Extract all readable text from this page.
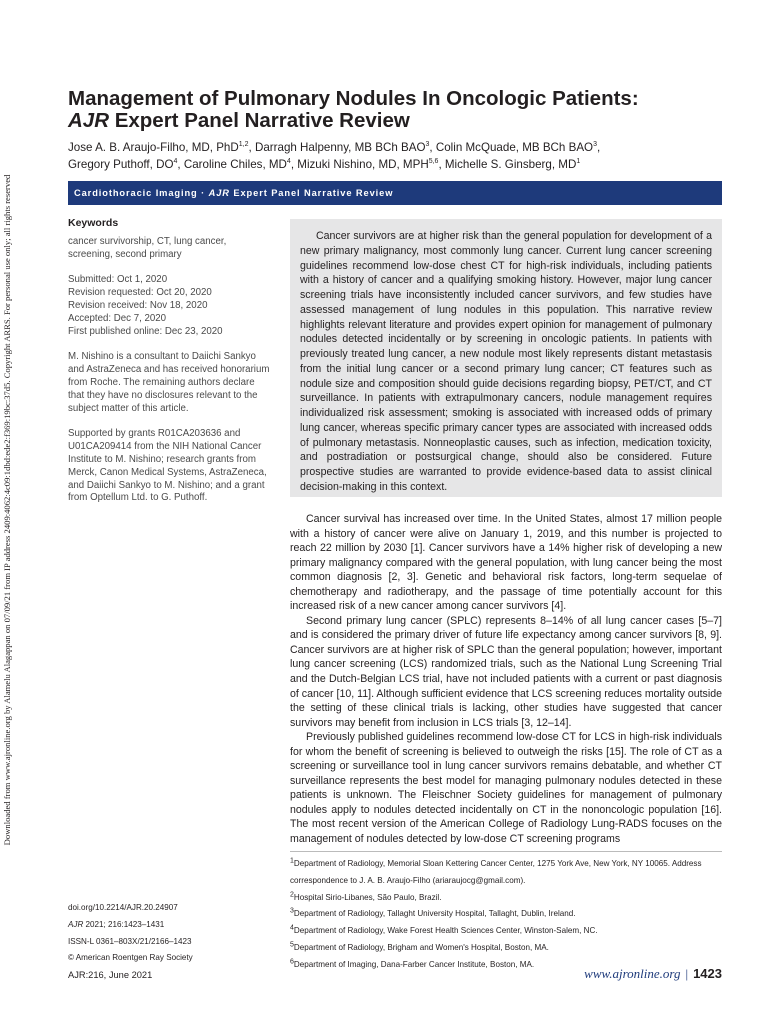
Downloaded from www.ajronline.org by Alamelu Alagappan on 07/09/21 from IP address 2409:4062:4c09:1dbd:ede2:f369:19bc:37d5. Copyright ARRS. For personal use only; all rights reserved
Management of Pulmonary Nodules In Oncologic Patients:
AJR Expert Panel Narrative Review
Jose A. B. Araujo-Filho, MD, PhD$^{1,2}$, Darragh Halpenny, MB BCh BAO$^3$, Colin McQuade, MB BCh BAO$^3$,
Gregory Puthoff, $DO^4$, Caroline Chiles, $MD^4$, Mizuki Nishino, MD, MPH$^{5,6}$, Michelle S. Ginsberg, $MD^1$
Cardiothoracic Imaging · AJR Expert Panel Narrative Review
Keywords

cancer survivorship, CT, lung cancer, screening, second primary

Submitted: Oct 1, 2020

Revision requested: Oct 20, 2020

Revision received: Nov 18, 2020

Accepted: Dec 7, 2020

First published online: Dec 23, 2020

M. Nishino is a consultant to Daiichi Sankyo and AstraZeneca and has received honorarium from Roche. The remaining authors declare that they have no disclosures relevant to the subject matter of this article.

Supported by grants R01CA203636 and U01CA209414 from the NIH National Cancer Institute to M. Nishino; research grants from Merck, Canon Medical Systems, AstraZeneca, and Daiichi Sankyo to M. Nishino; and a grant from Optellum Ltd. to G. Puthoff.

Cancer survivors are at higher risk than the general population for development of a new primary malignancy, most commonly lung cancer. Current lung cancer screening guidelines recommend low-dose chest CT for high-risk individuals, including patients with a history of cancer and a qualifying smoking history. However, major lung cancer screening trials have inconsistently included cancer survivors, and few studies have assessed management of lung nodules in this population. This narrative review highlights relevant literature and provides expert opinion for management of pulmonary nodules detected incidentally or by screening in oncologic patients. In patients with previously treated lung cancer, a new nodule most likely represents distant metastasis from the initial lung cancer or a second primary lung cancer; CT features such as nodule size and composition should guide decisions regarding biopsy, PET/CT, and CT surveillance. In patients with extrapulmonary cancers, nodule management requires individualized risk assessment; smoking is associated with increased odds of primary lung cancer, whereas specific primary cancer types are associated with increased odds of pulmonary metastasis. Nonneoplastic causes, such as infection, medication toxicity, and postradiation or postsurgical change, should also be considered. Future prospective studies are warranted to provide evidence-based data to assist clinical decision-making in this context.

Cancer survival has increased over time. In the United States, almost 17 million people with a history of cancer were alive on January 1, 2019, and this number is projected to reach 22 million by 2030 [1]. Cancer survivors have a 14% higher risk of developing a new primary malignancy compared with the general population, with lung cancer being the most common diagnosis [2, 3]. Genetic and behavioral risk factors, long-term sequelae of chemotherapy and radiotherapy, and the passage of time potentially account for this increased risk of a new cancer among cancer survivors [4].

Second primary lung cancer (SPLC) represents 8–14% of all lung cancer cases [5–7] and is considered the primary driver of future life expectancy among cancer survivors [8, 9]. Cancer survivors are at higher risk of SPLC than the general population; however, important lung cancer screening (LCS) randomized trials, such as the National Lung Screening Trial and the Dutch-Belgian LCS trial, have not included patients with a current or past diagnosis of cancer [10, 11]. Although sufficient evidence that LCS screening reduces mortality outside the setting of these clinical trials is lacking, other studies have suggested that cancer survivors may benefit from inclusion in LCS trials [3, 12–14].

Previously published guidelines recommend low-dose CT for LCS in high-risk individuals for whom the benefit of screening is believed to outweigh the risks [15]. The role of CT as a screening or surveillance tool in lung cancer survivors remains debatable, and whether CT surveillance represents the best model for managing pulmonary nodules detected in these patients is unknown. The Fleischner Society guidelines for management of pulmonary nodules apply to nodules detected incidentally on CT in the nononcologic population [16]. The most recent version of the American College of Radiology Lung-RADS focuses on the management of nodules detected by low-dose CT screening programs

$^1$Department of Radiology, Memorial Sloan Kettering Cancer Center, 1275 York Ave, New York, NY 10065. Address
correspondence to J. A. B. Araujo-Filho (ariaraujocg@gmail.com).
$^2$Hospital Sirio-Libanes, São Paulo, Brazil.
$^3$Department of Radiology, Tallaght University Hospital, Tallaght, Dublin, Ireland.
$^4$Department of Radiology, Wake Forest Health Sciences Center, Winston-Salem, NC.
$^5$Department of Radiology, Brigham and Women's Hospital, Boston, MA.
$^6$Department of Imaging, Dana-Farber Cancer Institute, Boston, MA.
doi.org/10.2214/AJR.20.24907
AJR 2021; 216:1423–1431
ISSN-L 0361–803X/21/2166–1423
© American Roentgen Ray Society
AJR:216, June 2021	www.ajronline.org | 1423
